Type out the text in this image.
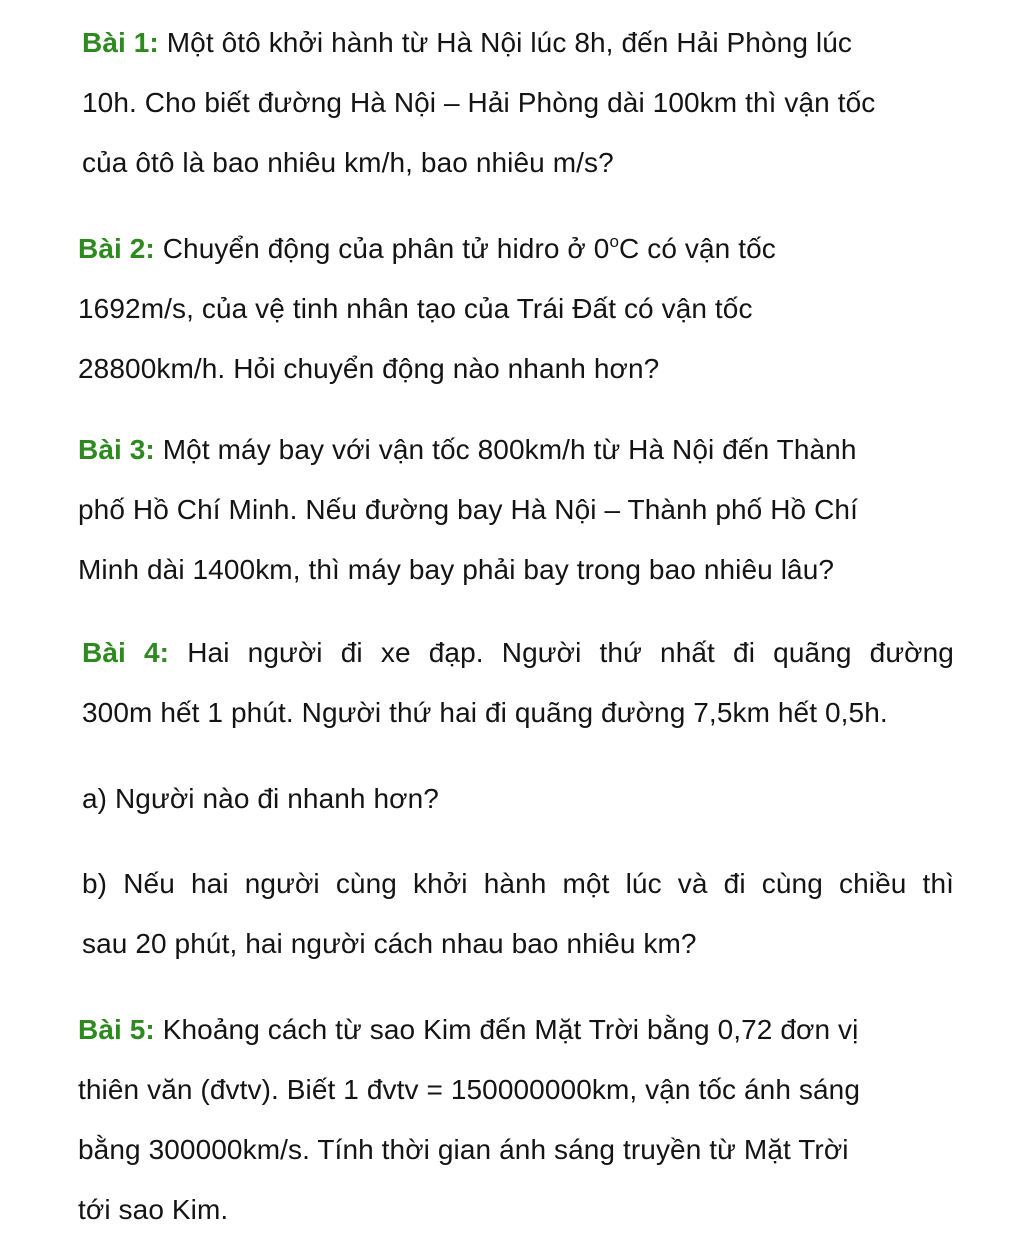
Bài 1: Một ôtô khởi hành từ Hà Nội lúc 8h, đến Hải Phòng lúc
10h. Cho biết đường Hà Nội – Hải Phòng dài 100km thì vận tốc
của ôtô là bao nhiêu km/h, bao nhiêu m/s?
Bài 2: Chuyển động của phân tử hidro ở 0$^o$C có vận tốc
1692m/s, của vệ tinh nhân tạo của Trái Đất có vận tốc
28800km/h. Hỏi chuyển động nào nhanh hơn?
Bài 3: Một máy bay với vận tốc 800km/h từ Hà Nội đến Thành
phố Hồ Chí Minh. Nếu đường bay Hà Nội – Thành phố Hồ Chí
Minh dài 1400km, thì máy bay phải bay trong bao nhiêu lâu?
Bài 4: Hai người đi xe đạp. Người thứ nhất đi quãng đường
300m hết 1 phút. Người thứ hai đi quãng đường 7,5km hết 0,5h.
a) Người nào đi nhanh hơn?
b) Nếu hai người cùng khởi hành một lúc và đi cùng chiều thì
sau 20 phút, hai người cách nhau bao nhiêu km?
Bài 5: Khoảng cách từ sao Kim đến Mặt Trời bằng 0,72 đơn vị
thiên văn (đvtv). Biết 1 đvtv = 150000000km, vận tốc ánh sáng
bằng 300000km/s. Tính thời gian ánh sáng truyền từ Mặt Trời
tới sao Kim.
